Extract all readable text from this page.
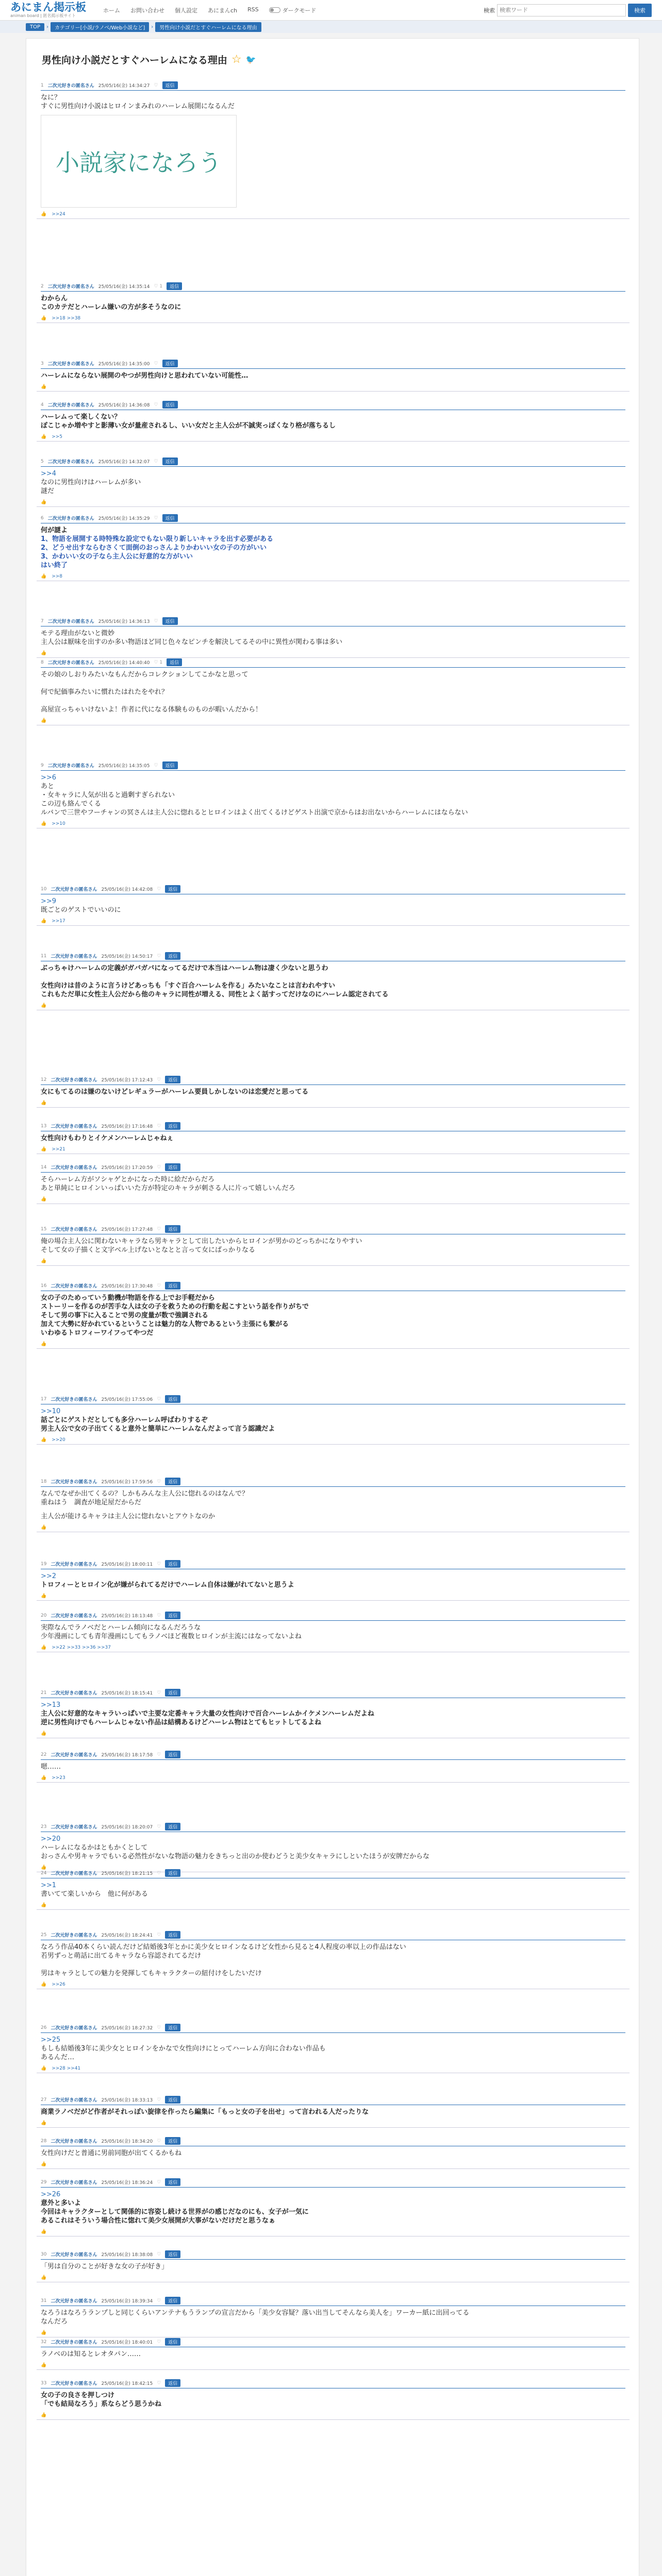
あにまん掲示板
animan board | 匿名掲示板サイト
ホーム お問い合わせ 個人設定 あにまんch RSS	ダークモード	検索
検索ワード	検索
TOP	›	カテゴリー[小説/ラノベ/Web小説など]	›	男性向け小説だとすぐハーレムになる理由
男性向け小説だとすぐハーレムになる理由 ☆ 🐦
1 二次元好きの匿名さん 25/05/16(金) 14:34:27 ♡	返信
なに？
すぐに男性向け小説はヒロインまみれのハーレム展開になるんだ
小説家になろう
👍 >>24
2 二次元好きの匿名さん 25/05/16(金) 14:35:14 ♡ 1	返信
わからん
このカテだとハーレム嫌いの方が多そうなのに
👍 >>18 >>38
3 二次元好きの匿名さん 25/05/16(金) 14:35:00 ♡	返信
ハーレムにならない展開のやつが男性向けと思われていない可能性…
👍
4 二次元好きの匿名さん 25/05/16(金) 14:36:08 ♡	返信
ハーレムって楽しくない？
ぽこじゃか増やすと影薄い女が量産されるし、いい女だと主人公が不誠実っぽくなり格が落ちるし
👍 >>5
5 二次元好きの匿名さん 25/05/16(金) 14:32:07 ♡	返信
>>4
なのに男性向けはハーレムが多い
謎だ
👍
6 二次元好きの匿名さん 25/05/16(金) 14:35:29 ♡	返信
何が謎よ
1、物語を展開する時特殊な設定でもない限り新しいキャラを出す必要がある
2、どうせ出すならむさくて面倒のおっさんよりかわいい女の子の方がいい
3、かわいい女の子なら主人公に好意的な方がいい
はい終了
👍 >>8
7 二次元好きの匿名さん 25/05/16(金) 14:36:13 ♡	返信
モテる理由がないと微妙
主人公は厭味を出すのか多い物語ほど同じ色々なピンチを解決してるその中に異性が関わる事は多い
👍
8 二次元好きの匿名さん 25/05/16(金) 14:40:40 ♡ 1	返信
その娘のしおりみたいなもんだからコレクションしてこかなと思って

何で紀価事みたいに慣れたはれたをやれ？

高屋宣っちゃいけないよ！作者に代になる体験ものものが暇いんだから！
👍
9 二次元好きの匿名さん 25/05/16(金) 14:35:05 ♡	返信
>>6
あと
・女キャラに人気が出ると過剰すぎられない
この辺も絡んでくる
ルバンで三世やフーチャンの冥さんは主人公に惚れるとヒロインはよく出てくるけどゲスト出演で京からはお出ないからハーレムにはならない
👍 >>10
10 二次元好きの匿名さん 25/05/16(金) 14:42:08 ♡	返信
>>9
既ごとのゲストでいいのに
👍 >>17
11 二次元好きの匿名さん 25/05/16(金) 14:50:17 ♡	返信
ぶっちゃけハーレムの定義がガバガバになってるだけで本当はハーレム物は凄く少ないと思うわ

女性向けは昔のように言うけどあっちも「すぐ百合ハーレムを作る」みたいなことは言われやすい
これもただ単に女性主人公だから他のキャラに同性が増える、同性とよく話すってだけなのにハーレム認定されてる
👍
12 二次元好きの匿名さん 25/05/16(金) 17:12:43 ♡	返信
女にもてるのは嫌のないけどレギュラーがハーレム要員しかしないのは恋愛だと思ってる
👍
13 二次元好きの匿名さん 25/05/16(金) 17:16:48 ♡	返信
女性向けもわりとイケメンハーレムじゃねぇ
👍 >>21
14 二次元好きの匿名さん 25/05/16(金) 17:20:59 ♡	返信
そらハーレム方がソシャゲとかになった時に絵だからだろ
あと単純にヒロインいっぱいいた方が特定のキャラが刺さる人に片って嬉しいんだろ
👍
15 二次元好きの匿名さん 25/05/16(金) 17:27:48 ♡	返信
俺の場合主人公に関わないキャラなら男キャラとして出したいからヒロインが男かのどっちかになりやすい
そして女の子描くと文字ベル上げないとなとと言って女にばっかりなる
👍
16 二次元好きの匿名さん 25/05/16(金) 17:30:48 ♡	返信
女の子のためっていう動機が物語を作る上でお手軽だから
ストーリーを作るのが苦手な人は女の子を救うための行動を起こすという話を作りがちで
そして男の事下に入ることで男の度量が数で強調される
加えて大勢に好かれているということは魅力的な人物であるという主張にも繋がる
いわゆるトロフィーワイフってやつだ
👍
17 二次元好きの匿名さん 25/05/16(金) 17:55:06 ♡	返信
>>10
話ごとにゲストだとしても多分ハーレム呼ばわりするぞ
男主人公で女の子出てくると意外と簡単にハーレムなんだよって言う認識だよ
👍 >>20
18 二次元好きの匿名さん 25/05/16(金) 17:59:56 ♡	返信
なんでなぜか出てくるの？しかもみんな主人公に惚れるのはなんで？
重ねはう　調査が地足屋だからだ
主人公が能けるキャラは主人公に惚れないとアウトなのか
👍
19 二次元好きの匿名さん 25/05/16(金) 18:00:11 ♡	返信
>>2
トロフィーとヒロイン化が嫌がられてるだけでハーレム自体は嫌がれてないと思うよ
👍
20 二次元好きの匿名さん 25/05/16(金) 18:13:48 ♡	返信
実際なんでラノベだとハーレム傾向になるんだろうな
少年漫画にしても青年漫画にしてもラノベほど複数ヒロインが主流にはなってないよね
👍 >>22 >>33 >>36 >>37
21 二次元好きの匿名さん 25/05/16(金) 18:15:41 ♡	返信
>>13
主人公に好意的なキャラいっぱいで主要な定番キャラ大量の女性向けで百合ハーレムかイケメンハーレムだよね
逆に男性向けでもハーレムじゃない作品は結構あるけどハーレム物はとてもヒットしてるよね
👍
22 二次元好きの匿名さん 25/05/16(金) 18:17:58 ♡	返信
嗯……
👍 >>23
23 二次元好きの匿名さん 25/05/16(金) 18:20:07 ♡	返信
>>20
ハーレムになるかはともかくとして
おっさんや男キャラでもいる必然性がないな物語の魅力をきちっと出のか使わどうと美少女キャラにしといたほうが安牌だからな
👍
24 二次元好きの匿名さん 25/05/16(金) 18:21:15 ♡	返信
>>1
書いてて楽しいから　他に何がある
👍
25 二次元好きの匿名さん 25/05/16(金) 18:24:41 ♡	返信
なろう作品40本くらい読んだけど結婚後3年とかに美少女ヒロインなるけど女性から見ると4人程度の率以上の作品はない
若男ずっと萌話に出てるキャラなら容認されてるだけ

男はキャラとしての魅力を発揮してもキャラクターの紐付けをしたいだけ
👍 >>26
26 二次元好きの匿名さん 25/05/16(金) 18:27:32 ♡	返信
>>25
もしも結婚後3年に美少女とヒロインをかなで女性向けにとってハーレム方向に合わない作品も
あるんだ…
👍 >>28 >>41
27 二次元好きの匿名さん 25/05/16(金) 18:33:13 ♡	返信
商業ラノベだがど作者がそれっぽい旋律を作ったら編集に「もっと女の子を出せ」って言われる人だったりな
👍
28 二次元好きの匿名さん 25/05/16(金) 18:34:20 ♡	返信
女性向けだと普通に男前同胞が出てくるかもね
👍
29 二次元好きの匿名さん 25/05/16(金) 18:36:24 ♡	返信
>>26
意外と多いよ
今回はキャラクターとして関係的に容姿し続ける世界がの感じだなのにも、女子が一気に
あるこれはそういう場合性に惚れて美少女展開が大事がないだけだと思うなぁ
👍
30 二次元好きの匿名さん 25/05/16(金) 18:38:08 ♡	返信
「男は自分のことが好きな女の子が好き」
👍
31 二次元好きの匿名さん 25/05/16(金) 18:39:34 ♡	返信
なろうはなろうランプしと同じくらいアンテナもうランプの宣言だから「美少女容疑？落い出当してそんなら美人を」ワーカー紙に出回ってる
なんだろ
👍
32 二次元好きの匿名さん 25/05/16(金) 18:40:01 ♡	返信
ラノベのは知るとレオタパン……
👍
33 二次元好きの匿名さん 25/05/16(金) 18:42:15 ♡	返信
女の子の良さを押しつけ
「でも結局なろう」系ならどう思うかね
👍
